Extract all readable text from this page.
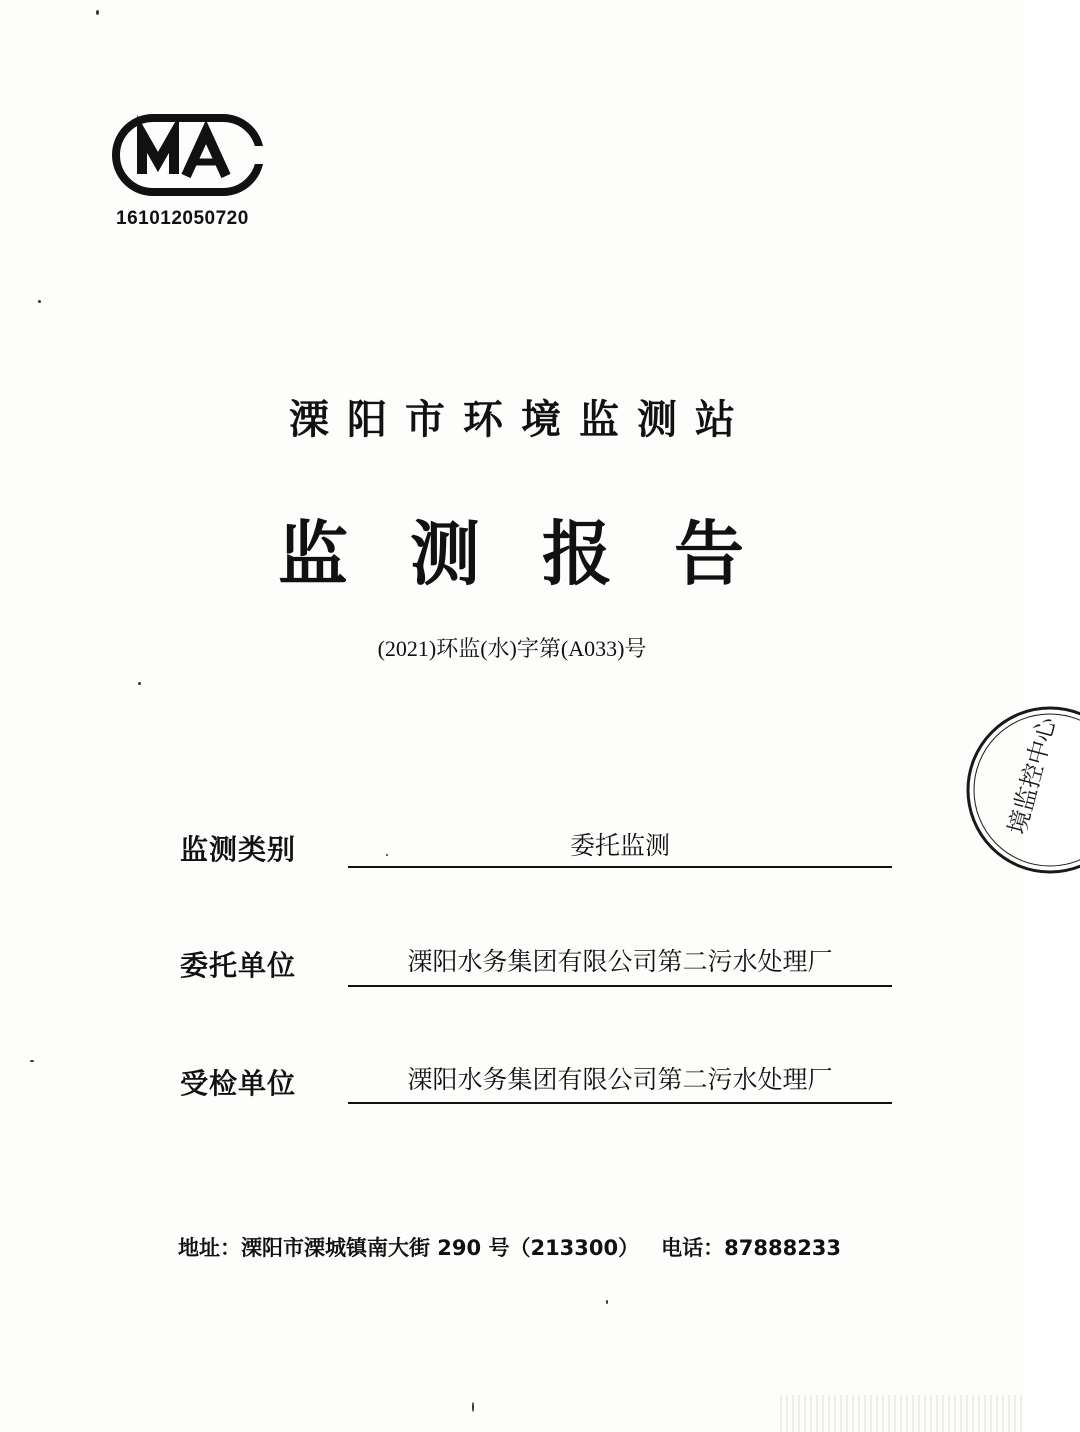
161012050720
溧阳市环境监测站
监测报告
(2021)环监(水)字第(A033)号
监测类别	委托监测
委托单位	溧阳水务集团有限公司第二污水处理厂
受检单位	溧阳水务集团有限公司第二污水处理厂
地址：溧阳市溧城镇南大街 290 号（213300） 电话：87888233
境监控中心
